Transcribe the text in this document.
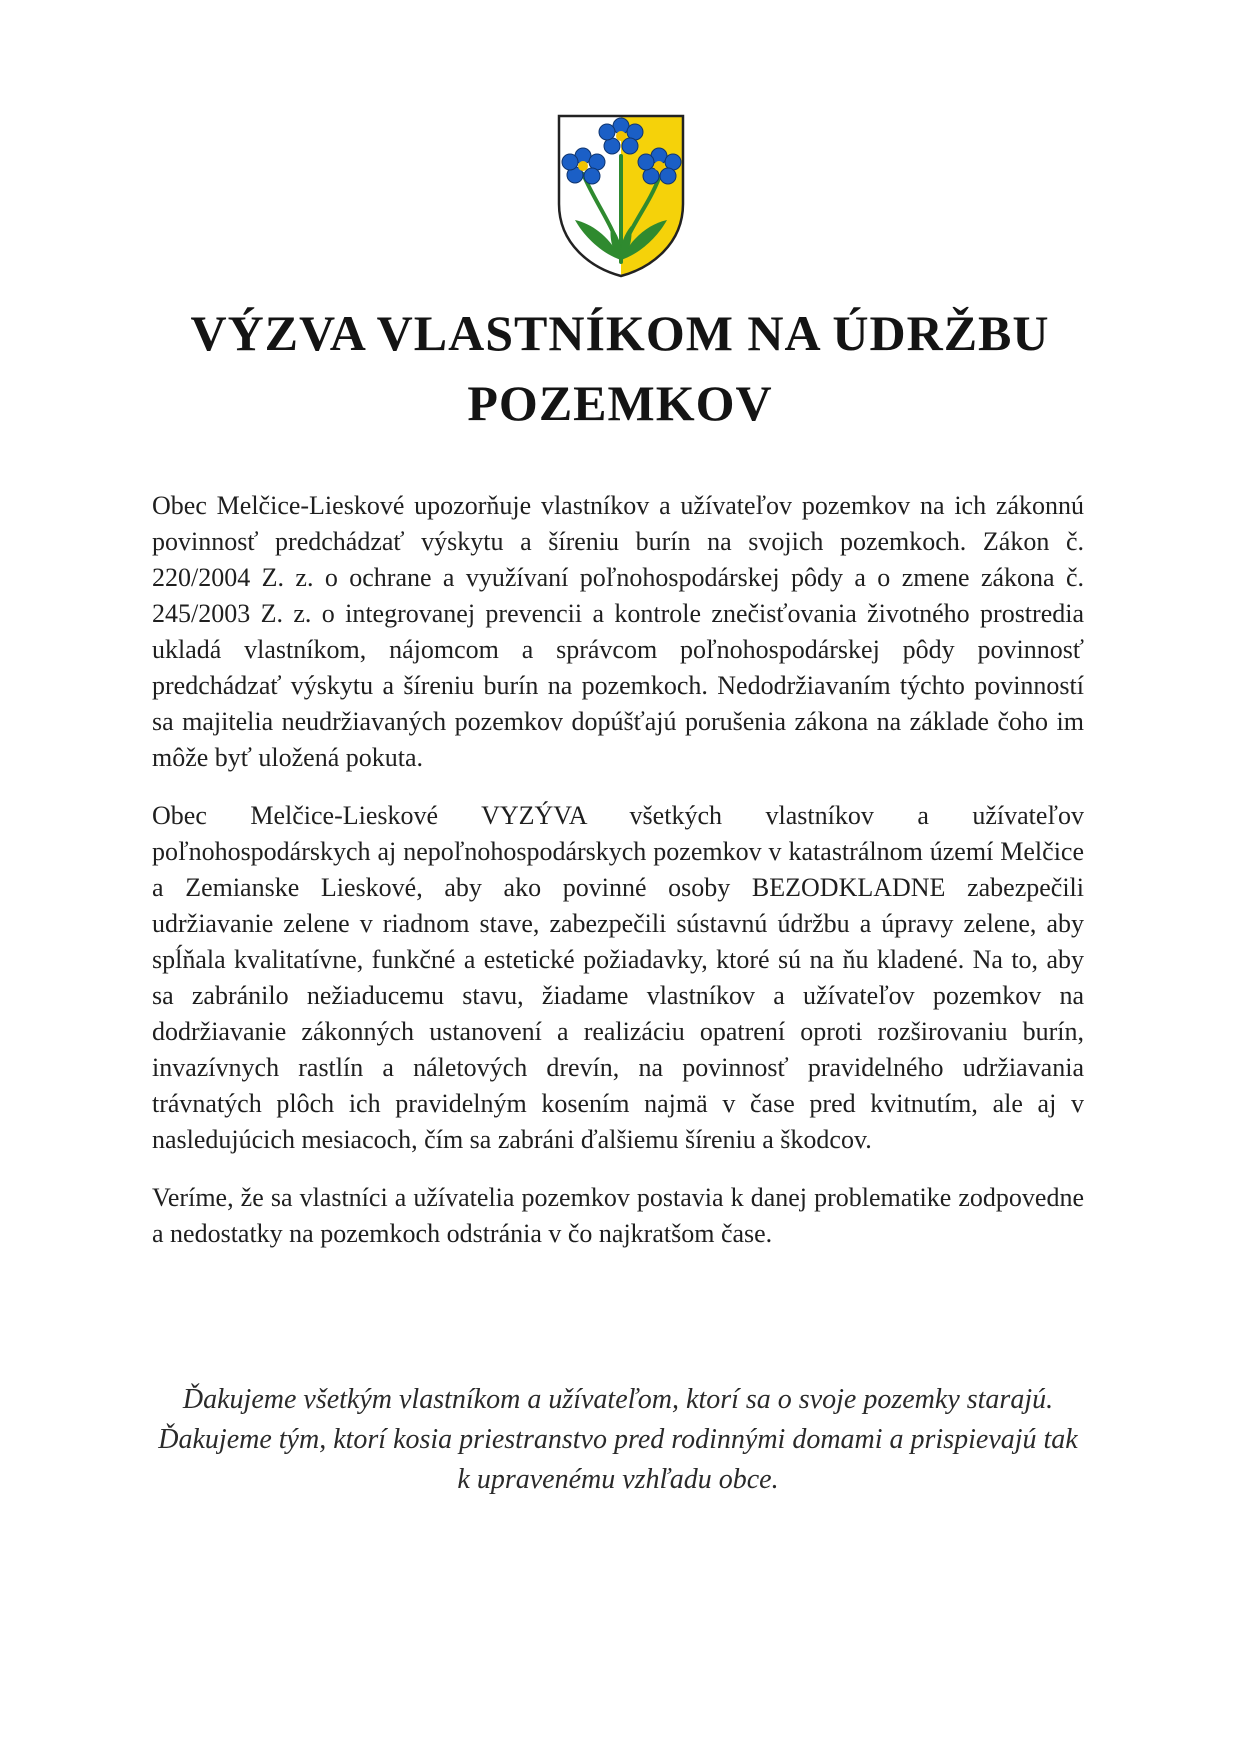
VÝZVA VLASTNÍKOM NA ÚDRŽBU
POZEMKOV

Obec Melčice-Lieskové upozorňuje vlastníkov a užívateľov pozemkov na ich zákonnú povinnosť predchádzať výskytu a šíreniu burín na svojich pozemkoch. Zákon č. 220/2004 Z. z. o ochrane a využívaní poľnohospodárskej pôdy a o zmene zákona č. 245/2003 Z. z. o integrovanej prevencii a kontrole znečisťovania životného prostredia ukladá vlastníkom, nájomcom a správcom poľnohospodárskej pôdy povinnosť predchádzať výskytu a šíreniu burín na pozemkoch. Nedodržiavaním týchto povinností sa majitelia neudržiavaných pozemkov dopúšťajú porušenia zákona na základe čoho im môže byť uložená pokuta.

Obec Melčice-Lieskové VYZÝVA všetkých vlastníkov a užívateľov poľnohospodárskych aj nepoľnohospodárskych pozemkov v katastrálnom území Melčice a Zemianske Lieskové, aby ako povinné osoby BEZODKLADNE zabezpečili udržiavanie zelene v riadnom stave, zabezpečili sústavnú údržbu a úpravy zelene, aby spĺňala kvalitatívne, funkčné a estetické požiadavky, ktoré sú na ňu kladené. Na to, aby sa zabránilo nežiaducemu stavu, žiadame vlastníkov a užívateľov pozemkov na dodržiavanie zákonných ustanovení a realizáciu opatrení oproti rozširovaniu burín, invazívnych rastlín a náletových drevín, na povinnosť pravidelného udržiavania trávnatých plôch ich pravidelným kosením najmä v čase pred kvitnutím, ale aj v nasledujúcich mesiacoch, čím sa zabráni ďalšiemu šíreniu a škodcov.

Veríme, že sa vlastníci a užívatelia pozemkov postavia k danej problematike zodpovedne a nedostatky na pozemkoch odstránia v čo najkratšom čase.

Ďakujeme všetkým vlastníkom a užívateľom, ktorí sa o svoje pozemky starajú. Ďakujeme tým, ktorí kosia priestranstvo pred rodinnými domami a prispievajú tak k upravenému vzhľadu obce.
